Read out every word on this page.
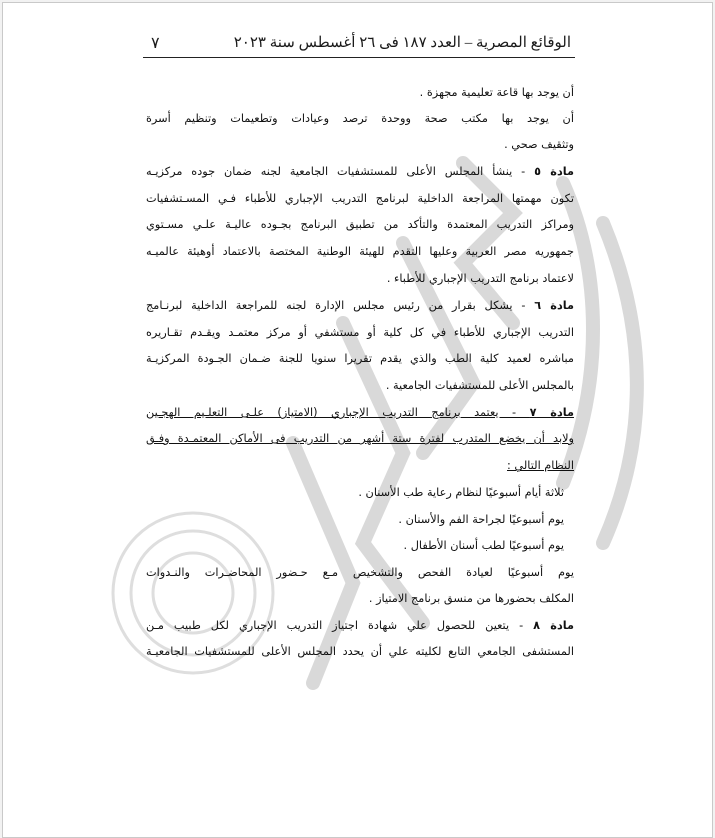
الوقائع المصرية – العدد ١٨٧ فى ٢٦ أغسطس سنة ٢٠٢٣
٧
أن يوجد بها قاعة تعليمية مجهزة .
أن يوجد بها مكتب صحة ووحدة ترصد وعيادات وتطعيمات وتنظيم أسرة
وتثقيف صحي .
مادة ٥ - ينشأ المجلس الأعلى للمستشفيات الجامعية لجنه ضمان جوده مركزيـه
تكون مهمتها المراجعة الداخلية لبرنامج التدريب الإجباري للأطباء فـي المسـتشفيات
ومراكز التدريب المعتمدة والتأكد من تطبيق البرنامج بجـوده عاليـة علـي مسـتوي
جمهوريه مصر العربية وعليها التقدم للهيئة الوطنية المختصة بالاعتماد أوهيئة عالميـه
لاعتماد برنامج التدريب الإجباري للأطباء .
مادة ٦ - يشكل بقرار من رئيس مجلس الإدارة لجنه للمراجعة الداخلية لبرنـامج
التدريب الإجباري للأطباء في كل كلية أو مستشفي أو مركز معتمـد ويقـدم تقـاريره
مباشره لعميد كلية الطب والذي يقدم تقريرا سنويا للجنة ضـمان الجـودة المركزيـة
بالمجلس الأعلى للمستشفيات الجامعية .
مادة ٧ - يعتمد برنامج التدريب الإجباري (الامتياز) علـى التعلـيم الهجـين
ولابد أن يخضع المتدرب لفترة ستة أشهر من التدريب فى الأماكن المعتمـدة وفـق
النظام التالي :
ثلاثة أيام أسبوعيًا لنظام رعاية طب الأسنان .
يوم أسبوعيًا لجراحة الفم والأسنان .
يوم أسبوعيًا لطب أسنان الأطفال .
يوم أسبوعيًا لعيادة الفحص والتشخيص مـع حـضور المحاضـرات والنـدوات
المكلف بحضورها من منسق برنامج الامتياز .
مادة ٨ - يتعين للحصول علي شهادة اجتياز التدريب الإجباري لكل طبيب مـن
المستشفى الجامعي التابع لكليته علي أن يحدد المجلس الأعلى للمستشفيات الجامعيـة
